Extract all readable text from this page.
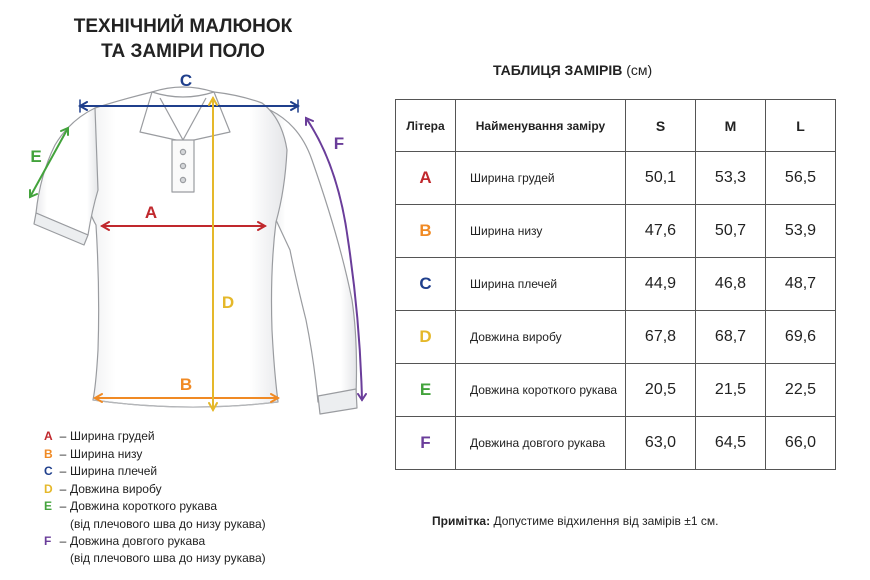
ТЕХНІЧНИЙ МАЛЮНОК
ТА ЗАМІРИ ПОЛО
C
A
B
D
E
F
A – Ширина грудей
B – Ширина низу
C – Ширина плечей
D – Довжина виробу
E – Довжина короткого рукава
(від плечового шва до низу рукава)
F – Довжина довгого рукава
(від плечового шва до низу рукава)
ТАБЛИЦЯ ЗАМІРІВ (см)
Літера	Найменування заміру	S	M	L
A	Ширина грудей	50,1	53,3	56,5
B	Ширина низу	47,6	50,7	53,9
C	Ширина плечей	44,9	46,8	48,7
D	Довжина виробу	67,8	68,7	69,6
E	Довжина короткого рукава	20,5	21,5	22,5
F	Довжина довгого рукава	63,0	64,5	66,0
Примітка: Допустиме відхилення від замірів ±1 см.
